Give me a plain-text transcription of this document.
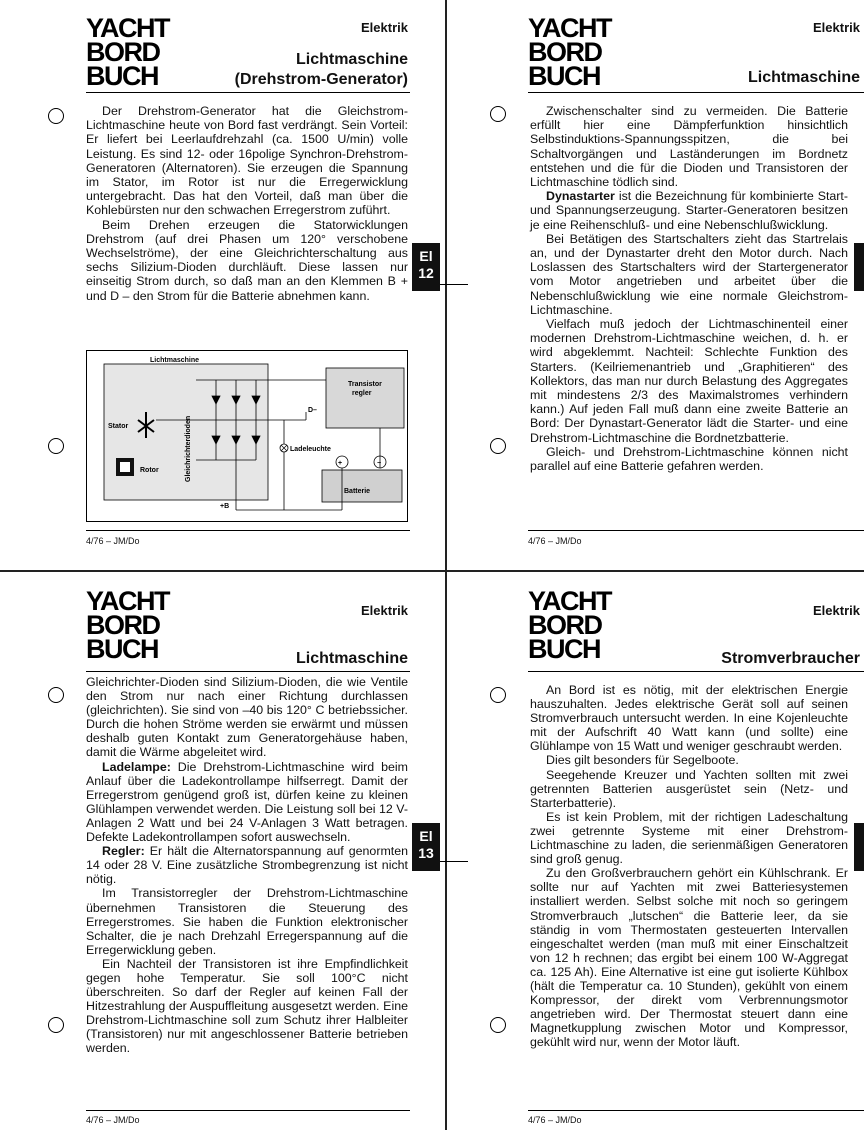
YACHT
BORD
BUCH
Elektrik
Lichtmaschine
(Drehstrom-Generator)

Der Drehstrom-Generator hat die Gleichstrom-Lichtmaschine heute von Bord fast verdrängt. Sein Vorteil: Er liefert bei Leerlaufdrehzahl (ca. 1500 U/min) volle Leistung. Es sind 12- oder 16polige Synchron-Drehstrom-Generatoren (Alternatoren). Sie erzeugen die Spannung im Stator, im Rotor ist nur die Erregerwicklung untergebracht. Das hat den Vorteil, daß man über die Kohlebürsten nur den schwachen Erregerstrom zuführt.

Beim Drehen erzeugen die Statorwicklungen Drehstrom (auf drei Phasen um 120° verschobene Wechselströme), der eine Gleichrichterschaltung aus sechs Silizium-Dioden durchläuft. Diese lassen nur einseitig Strom durch, so daß man an den Klemmen B + und D – den Strom für die Batterie abnehmen kann.

El
12
Lichtmaschine
Transistor
regler
Batterie
+	−
Stator
Rotor	Gleichrichterdioden
D–
Ladeleuchte
+B
4/76 – JM/Do
YACHT
BORD
BUCH
Elektrik
Lichtmaschine

Zwischenschalter sind zu vermeiden. Die Batterie erfüllt hier eine Dämpferfunktion hinsichtlich Selbstinduktions-Spannungsspitzen, die bei Schaltvorgängen und Laständerungen im Bordnetz entstehen und die für die Dioden und Transistoren der Lichtmaschine tödlich sind.

Dynastarter ist die Bezeichnung für kombinierte Start- und Spannungserzeugung. Starter-Generatoren besitzen je eine Reihenschluß- und eine Nebenschlußwicklung.

Bei Betätigen des Startschalters zieht das Startrelais an, und der Dynastarter dreht den Motor durch. Nach Loslassen des Startschalters wird der Startergenerator vom Motor angetrieben und arbeitet über die Nebenschlußwicklung wie eine normale Gleichstrom-Lichtmaschine.

Vielfach muß jedoch der Lichtmaschinenteil einer modernen Drehstrom-Lichtmaschine weichen, d. h. er wird abgeklemmt. Nachteil: Schlechte Funktion des Starters. (Keilriemenantrieb und „Graphitieren“ des Kollektors, das man nur durch Belastung des Aggregates mit mindestens 2/3 des Maximalstromes verhindern kann.) Auf jeden Fall muß dann eine zweite Batterie an Bord: Der Dynastart-Generator lädt die Starter- und eine Drehstrom-Lichtmaschine die Bordnetzbatterie.

Gleich- und Drehstrom-Lichtmaschine können nicht parallel auf eine Batterie gefahren werden.

4/76 – JM/Do
YACHT
BORD
BUCH
Elektrik
Lichtmaschine

Gleichrichter-Dioden sind Silizium-Dioden, die wie Ventile den Strom nur nach einer Richtung durchlassen (gleichrichten). Sie sind von –40 bis 120° C betriebssicher. Durch die hohen Ströme werden sie erwärmt und müssen deshalb guten Kontakt zum Generatorgehäuse haben, damit die Wärme abgeleitet wird.

Ladelampe: Die Drehstrom-Lichtmaschine wird beim Anlauf über die Ladekontrollampe hilfserregt. Damit der Erregerstrom genügend groß ist, dürfen keine zu kleinen Glühlampen verwendet werden. Die Leistung soll bei 12 V-Anlagen 2 Watt und bei 24 V-Anlagen 3 Watt betragen. Defekte Ladekontrollampen sofort auswechseln.

Regler: Er hält die Alternatorspannung auf genormten 14 oder 28 V. Eine zusätzliche Strombegrenzung ist nicht nötig.

Im Transistorregler der Drehstrom-Lichtmaschine übernehmen Transistoren die Steuerung des Erregerstromes. Sie haben die Funktion elektronischer Schalter, die je nach Drehzahl Erregerspannung auf die Erregerwicklung geben.

Ein Nachteil der Transistoren ist ihre Empfindlichkeit gegen hohe Temperatur. Sie soll 100°C nicht überschreiten. So darf der Regler auf keinen Fall der Hitzestrahlung der Auspuffleitung ausgesetzt werden. Eine Drehstrom-Lichtmaschine soll zum Schutz ihrer Halbleiter (Transistoren) nur mit angeschlossener Batterie betrieben werden.

El
13
4/76 – JM/Do
YACHT
BORD
BUCH
Elektrik
Stromverbraucher

An Bord ist es nötig, mit der elektrischen Energie hauszuhalten. Jedes elektrische Gerät soll auf seinen Stromverbrauch untersucht werden. In eine Kojenleuchte mit der Aufschrift 40 Watt kann (und sollte) eine Glühlampe von 15 Watt und weniger geschraubt werden.

Dies gilt besonders für Segelboote.

Seegehende Kreuzer und Yachten sollten mit zwei getrennten Batterien ausgerüstet sein (Netz- und Starterbatterie).

Es ist kein Problem, mit der richtigen Ladeschaltung zwei getrennte Systeme mit einer Drehstrom-Lichtmaschine zu laden, die serienmäßigen Generatoren sind groß genug.

Zu den Großverbrauchern gehört ein Kühlschrank. Er sollte nur auf Yachten mit zwei Batteriesystemen installiert werden. Selbst solche mit noch so geringem Stromverbrauch „lutschen“ die Batterie leer, da sie ständig in vom Thermostaten gesteuerten Intervallen eingeschaltet werden (man muß mit einer Einschaltzeit von 12 h rechnen; das ergibt bei einem 100 W-Aggregat ca. 125 Ah). Eine Alternative ist eine gut isolierte Kühlbox (hält die Temperatur ca. 10 Stunden), gekühlt von einem Kompressor, der direkt vom Verbrennungsmotor angetrieben wird. Der Thermostat steuert dann eine Magnetkupplung zwischen Motor und Kompressor, gekühlt wird nur, wenn der Motor läuft.

4/76 – JM/Do
